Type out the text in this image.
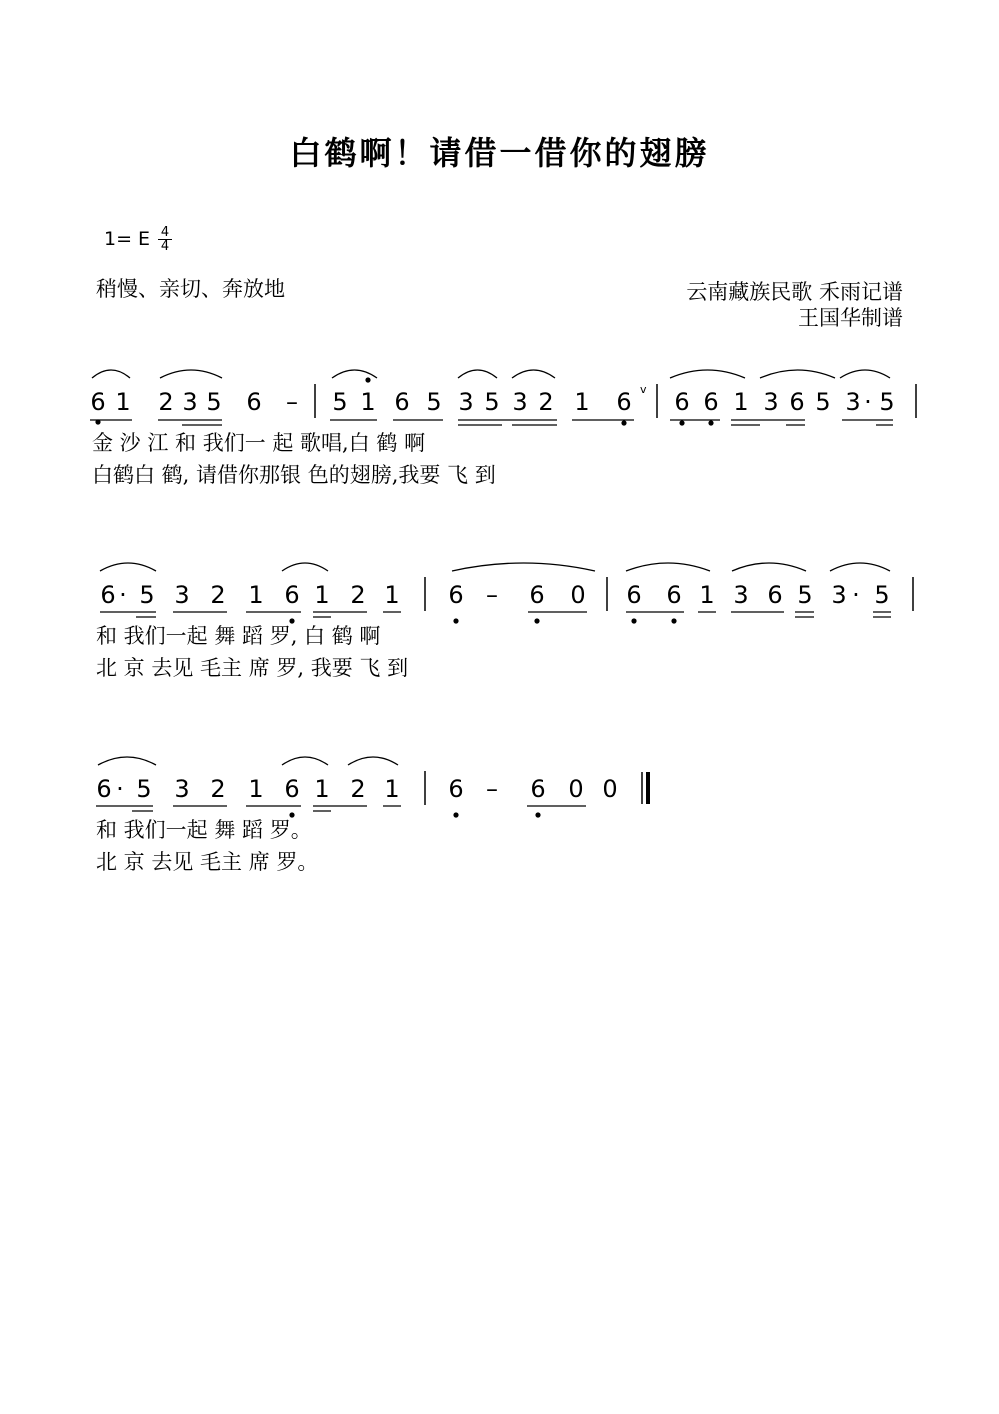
白鹤啊！请借一借你的翅膀
1= E 4
4
稍慢、亲切、奔放地	云南藏族民歌 禾雨记谱
王国华制谱
6 1 2 3 5 6 – 5 1 6 5 3 5 3 2 1 6 6 6 1 3 6 5 3 · 5
6 · 5 3 2 1 6 1 2 1 6 – 6 0 6 6 1 3 6 5 3 · 5
6 · 5 3 2 1 6 1 2 1 6 – 6 0 0
v
金 沙 江 和 我们一 起 歌唱,白 鹤 啊
白鹤白 鹤, 请借你那银 色的翅膀,我要 飞 到
和 我们一起 舞 蹈 罗, 白 鹤 啊
北 京 去见 毛主 席 罗, 我要 飞 到
和 我们一起 舞 蹈 罗。
北 京 去见 毛主 席 罗。
